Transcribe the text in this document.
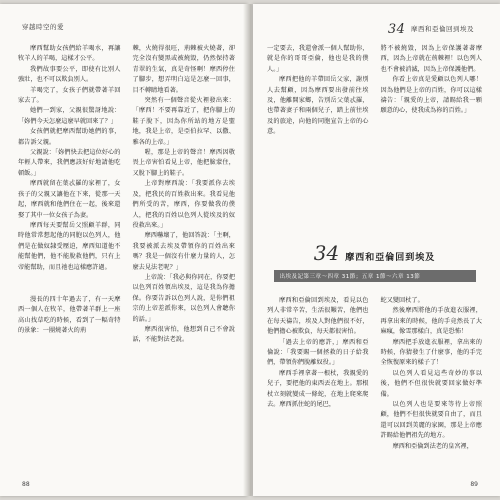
穿越時空的愛

摩西幫助女孩們給羊喝水，再讓牧羊人的羊喝，這樣才公平。

我們故事要公平，即使有比別人強壯，也不可以欺負別人。

羊喝完了，女孩子們就帶著羊回家去了。

她們一到家，父親很驚訝地說：「妳們今天怎麼這麼早就回來了？」

女孩們就把摩西幫助她們的事，都告訴父親。

父親說：「妳們快去把這位好心的年輕人帶來，我們應該好好地請他吃頓飯。」

摩西就留在葉忒羅的家裡了，女孩子的父親又讓他在下來，從那一天起，摩西就和他們住在一起，後來還娶了其中一位女孩子為妻。

摩西每天要幫岳父照顧羊群，同時他常常想起他的同胞以色列人，他們是在做奴隸受壓迫，摩西知道他不能幫他們，他不能脫救他們，只有上帝能幫助，而且祂也這樣應許過。

漫長的四十年過去了，有一天摩西一個人在牧羊，他帶著羊群上一座高山找草吃的時候，看到了一幅奇特的景象：一團燒著火的荊

棘，火燒得很旺，荊棘被火燒著，卻完全沒有變黑或被燒毀，仍然保持著青翠的生氣，真是奇怪啊！摩西停住了腳步，想弄明白這是怎麼一回事，目不轉睛地看著。

突然有一個聲音從火裡發出來：「摩西！不要再靠近了，把你腳上的鞋子脫下，因為你所站的地方是聖地，我是上帝，是亞伯拉罕、以撒、雅各的上帝。」

喔，那是上帝的聲音！摩西因敬畏上帝害怕看見上帝，他把臉蒙住，又脫下腳上的鞋子。

上帝對摩西說：「我要派你去埃及，把我民的百姓救出來。我看見他們所受的苦，摩西，你要做我的僕人，把我的百姓以色列人從埃及的奴役救出來。」

摩西嚇壞了，他回答說：「主啊，我要被派去埃及帶領你的百姓出來嗎？我是一個沒有什麼力量的人，怎麼去見法老呢？」

上帝說：「我必與你同在，你要把以色列百姓領出埃及，這是我為你擔保。你要告訴以色列人說，是你們祖宗的上帝差派你來，以色列人會聽你的話。」

摩西很害怕，他想到自己不會說話，不能對法老說。

88
34 摩西和亞倫回到埃及

一定要去，我還會派一個人幫助你，就是你的哥哥亞倫，他也是我的僕人。」

摩西把他的羊帶回岳父家，謝別人去幫顧，因為摩西要出發前往埃及，他離開家鄉，告別岳父葉忒羅，也帶著妻子和兩個兒子，踏上前往埃及的旅途，向他的同胞宣告上帝的心意。

將不被燒毀，因為上帝保護著著摩西，因為上帝就在荊棘裡！以色列人也不會被消滅，因為上帝保護他們。

你看上帝真是愛顧以色列人哪！因為他們是上帝的百姓，你可以這樣禱告：「親愛的上帝，請賜給我一顆願意的心，使我成為祢的百姓。」

34 摩西和亞倫回到埃及
出埃及記第三章～四章 31節；五章 1節～六章 13節

摩西和亞倫回到埃及，看見以色列人非常辛苦，生活很艱苦，他們也在每天禱告，埃及人對他們很不好，他們擔心被欺負，每天都很害怕。

「過去上帝的應許，」摩西和亞倫說：「我要賜一個拯救的日子給我們，帶領你們脫離奴役。」

摩西手裡拿著一根杖，我親愛的兒子，要把他的東西丟在地上。那根杖立刻就變成一條蛇，在地上爬來爬去。摩西抓住蛇的尾巴，

蛇又變回杖了。

然後摩西將他的手放進衣服裡，再拿出來的時候，他的手竟然長了大麻瘋，像雪那樣白，真是恐怖！

摩西把手放進衣服裡，拿出來的時候，你猜發生了什麼事，他的手完全恢復原來的樣子了！

以色列人看見這些奇妙的事以後，他們不但很快就要回家做好準備。

以色列人也是要來等待上帝照顧，他們不但很快就要自由了，而且還可以回到美麗的家園，那是上帝應許賜給他們祖先的地方。

摩西和亞倫到法老的皇宮裡，

89
